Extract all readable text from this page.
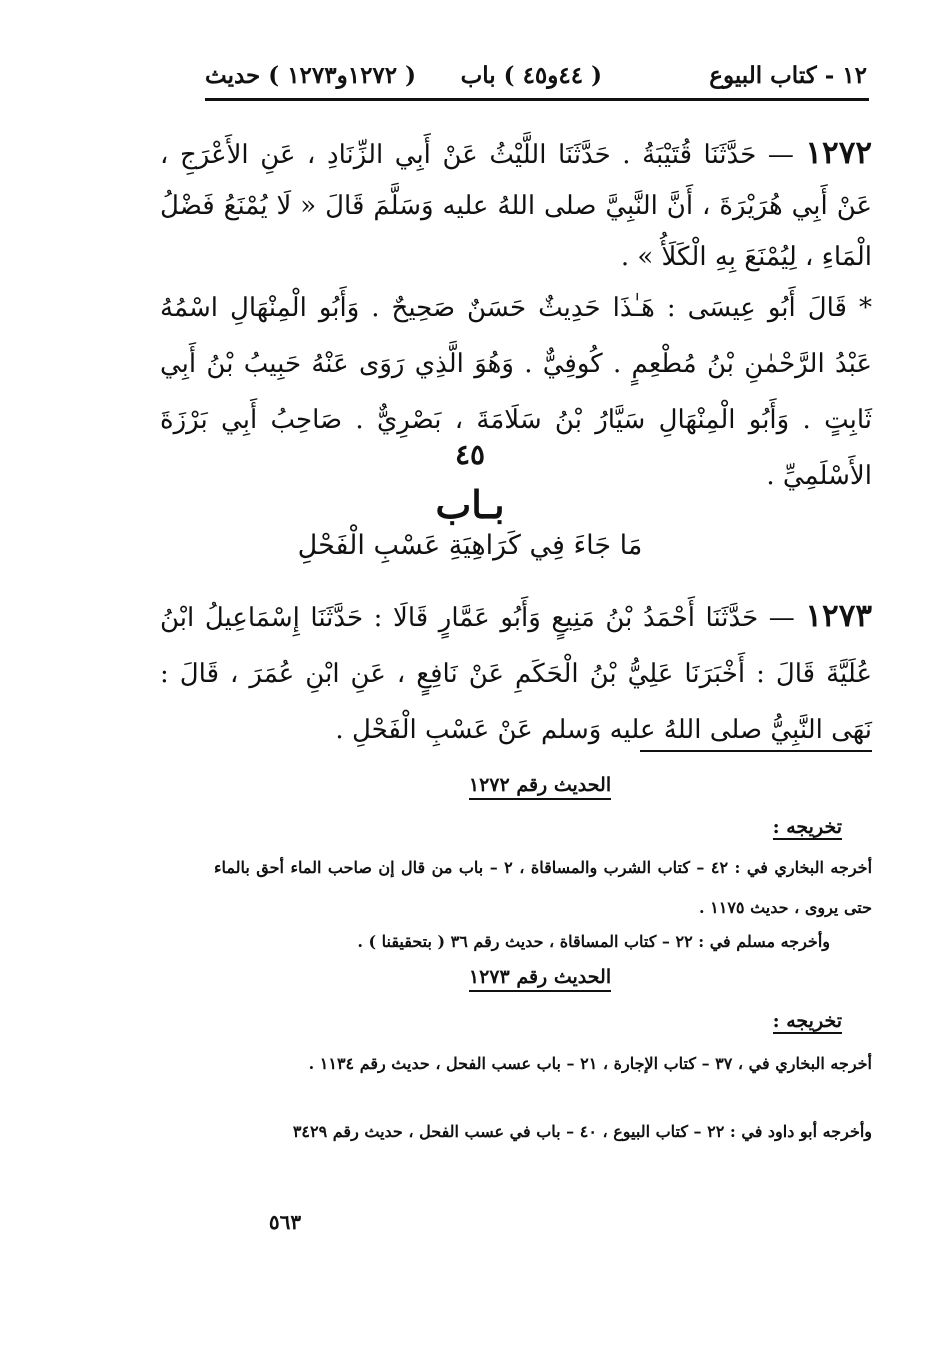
١٢ - كتاب البيوع
( ٤٤و٤٥ ) باب
( ١٢٧٢و١٢٧٣ ) حديث
١٢٧٢ — حَدَّثَنَا قُتَيْبَةُ . حَدَّثَنَا اللَّيْثُ عَنْ أَبِي الزِّنَادِ ، عَنِ الأَعْرَجِ ، عَنْ أَبِي هُرَيْرَةَ ، أَنَّ النَّبِيَّ صلى اللهُ عليه وَسَلَّمَ قَالَ « لَا يُمْنَعُ فَضْلُ الْمَاءِ ، لِيُمْنَعَ بِهِ الْكَلَأُ » .
* قَالَ أَبُو عِيسَى : هَـٰذَا حَدِيثٌ حَسَنٌ صَحِيحٌ . وَأَبُو الْمِنْهَالِ اسْمُهُ عَبْدُ الرَّحْمٰنِ بْنُ مُطْعِمٍ . كُوفِيٌّ . وَهُوَ الَّذِي رَوَى عَنْهُ حَبِيبُ بْنُ أَبِي ثَابِتٍ . وَأَبُو الْمِنْهَالِ سَيَّارُ بْنُ سَلَامَةَ ، بَصْرِيٌّ . صَاحِبُ أَبِي بَرْزَةَ الأَسْلَمِيِّ .
٤٥
بـاب
مَا جَاءَ فِي كَرَاهِيَةِ عَسْبِ الْفَحْلِ
١٢٧٣ — حَدَّثَنَا أَحْمَدُ بْنُ مَنِيعٍ وَأَبُو عَمَّارٍ قَالَا : حَدَّثَنَا إِسْمَاعِيلُ ابْنُ عُلَيَّةَ قَالَ : أَخْبَرَنَا عَلِيُّ بْنُ الْحَكَمِ عَنْ نَافِعٍ ، عَنِ ابْنِ عُمَرَ ، قَالَ : نَهَى النَّبِيُّ صلى اللهُ عليه وَسلم عَنْ عَسْبِ الْفَحْلِ .
الحديث رقم ١٢٧٢
تخريجه :
أخرجه البخاري في : ٤٢ – كتاب الشرب والمساقاة ، ٢ – باب من قال إن صاحب الماء أحق بالماء حتى يروى ، حديث ١١٧٥ .
وأخرجه مسلم في : ٢٢ – كتاب المساقاة ، حديث رقم ٣٦ ( بتحقيقنا ) .
الحديث رقم ١٢٧٣
تخريجه :
أخرجه البخاري في ، ٣٧ – كتاب الإجارة ، ٢١ – باب عسب الفحل ، حديث رقم ١١٣٤ .
وأخرجه أبو داود في : ٢٢ – كتاب البيوع ، ٤٠ – باب في عسب الفحل ، حديث رقم ٣٤٢٩
٥٦٣
